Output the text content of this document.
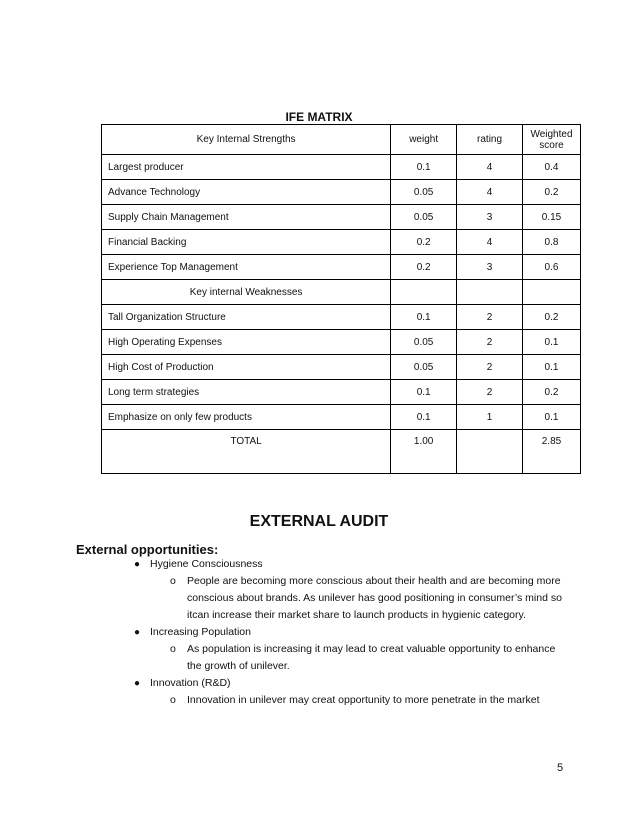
IFE MATRIX
Key Internal Strengths	weight	rating	Weighted score
Largest producer	0.1	4	0.4
Advance Technology	0.05	4	0.2
Supply Chain Management	0.05	3	0.15
Financial Backing	0.2	4	0.8
Experience Top Management	0.2	3	0.6
Key internal Weaknesses			
Tall Organization Structure	0.1	2	0.2
High Operating Expenses	0.05	2	0.1
High Cost of Production	0.05	2	0.1
Long term strategies	0.1	2	0.2
Emphasize on only few products	0.1	1	0.1
TOTAL	1.00		2.85
EXTERNAL AUDIT
External opportunities:
● Hygiene Consciousness
o People are becoming more conscious about their health and are becoming more conscious about brands. As unilever has good positioning in consumer’s mind so itcan increase their market share to launch products in hygienic category.
● Increasing Population
o As population is increasing it may lead to creat valuable opportunity to enhance the growth of unilever.
● Innovation (R&D)
o Innovation in unilever may creat opportunity to more penetrate in the market
5
